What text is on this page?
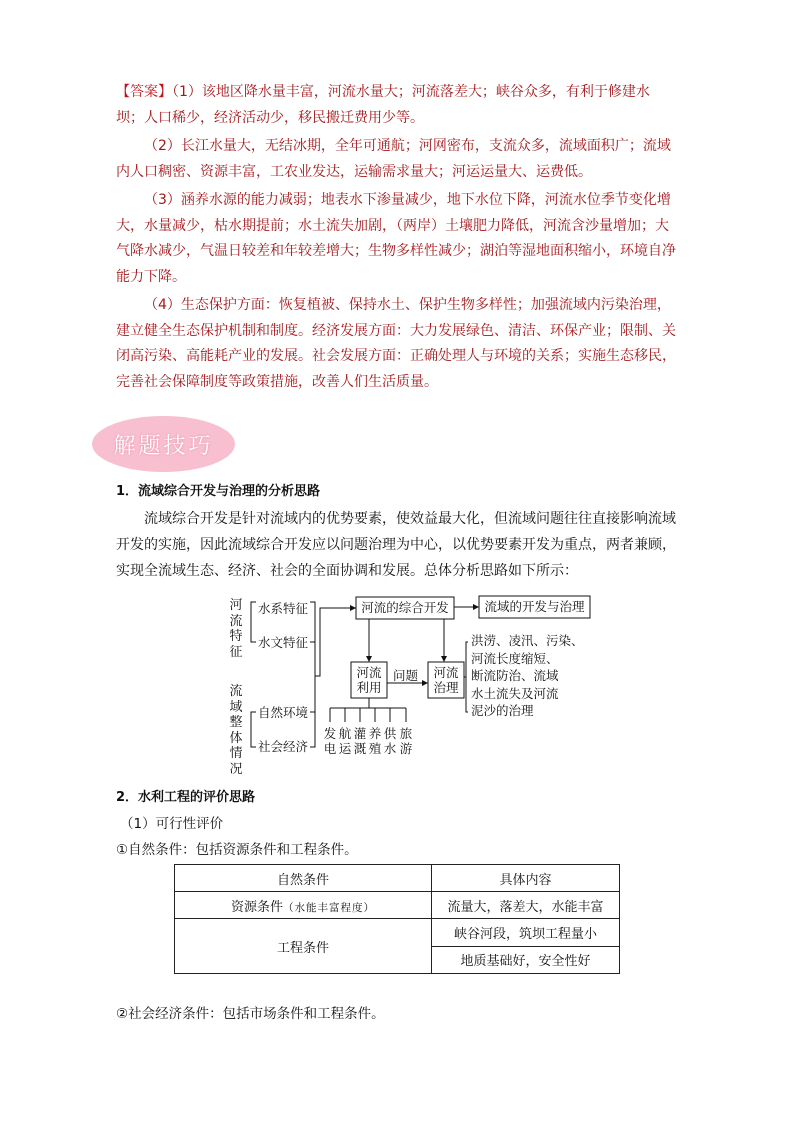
【答案】（1）该地区降水量丰富，河流水量大；河流落差大；峡谷众多，有利于修建水坝；人口稀少，经济活动少，移民搬迁费用少等。

（2）长江水量大，无结冰期，全年可通航；河网密布，支流众多，流域面积广；流域内人口稠密、资源丰富，工农业发达，运输需求量大；河运运量大、运费低。

（3）涵养水源的能力减弱；地表水下渗量减少，地下水位下降，河流水位季节变化增大，水量减少，枯水期提前；水土流失加剧，（两岸）土壤肥力降低，河流含沙量增加；大气降水减少，气温日较差和年较差增大；生物多样性减少；湖泊等湿地面积缩小，环境自净能力下降。

（4）生态保护方面：恢复植被、保持水土、保护生物多样性；加强流域内污染治理，建立健全生态保护机制和制度。经济发展方面：大力发展绿色、清洁、环保产业；限制、关闭高污染、高能耗产业的发展。社会发展方面：正确处理人与环境的关系；实施生态移民，完善社会保障制度等政策措施，改善人们生活质量。

解题技巧
1．流域综合开发与治理的分析思路

流域综合开发是针对流域内的优势要素，使效益最大化，但流域问题往往直接影响流域开发的实施，因此流域综合开发应以问题治理为中心，以优势要素开发为重点，两者兼顾，实现全流域生态、经济、社会的全面协调和发展。总体分析思路如下所示：

河流特征
水系特征
水文特征
流域整体情况
自然环境
社会经济
河流的综合开发	流域的开发与治理
河流利用
河流治理
问题
洪涝、凌汛、污染、
河流长度缩短、
断流防治、流域
水土流失及河流
泥沙的治理
发电
航运
灌溉
养殖
供水
旅游
2．水利工程的评价思路
（1）可行性评价
①自然条件：包括资源条件和工程条件。
自然条件	具体内容
资源条件（水能丰富程度）	流量大，落差大，水能丰富
工程条件	峡谷河段，筑坝工程量小
	地质基础好，安全性好
②社会经济条件：包括市场条件和工程条件。
